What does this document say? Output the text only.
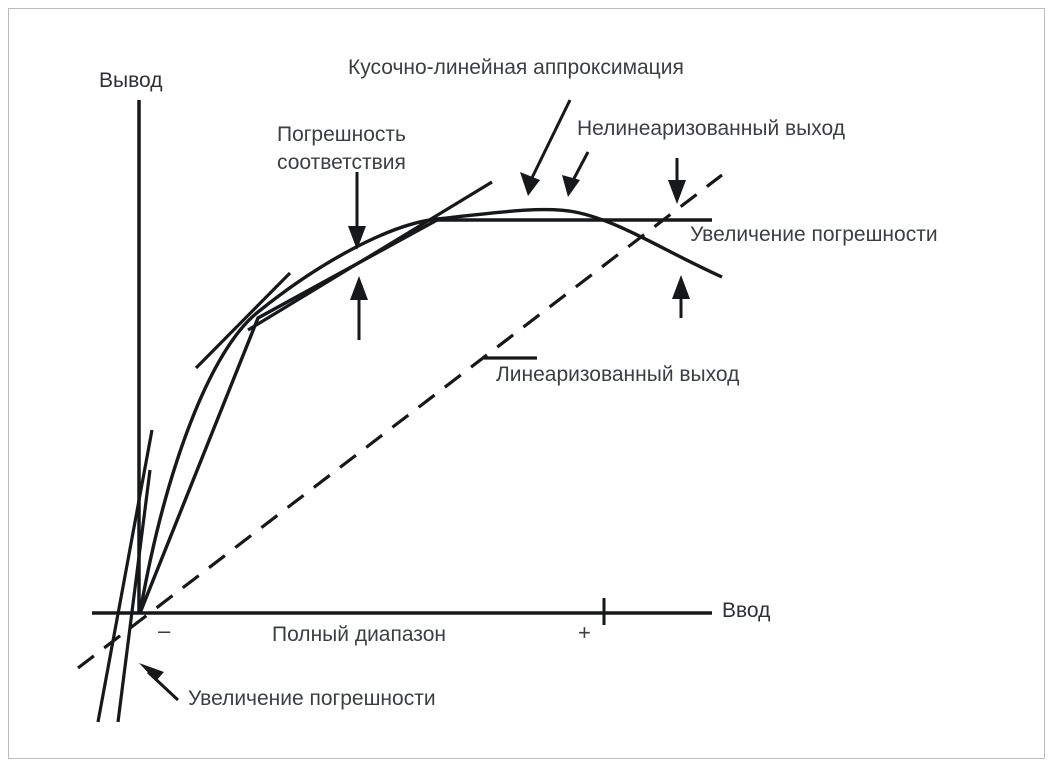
Вывод
Ввод
–	+
Полный диапазон
Кусочно-линейная аппроксимация
Нелинеаризованный выход
Погрешность
соответствия
Увеличение погрешности
Линеаризованный выход
Увеличение погрешности
